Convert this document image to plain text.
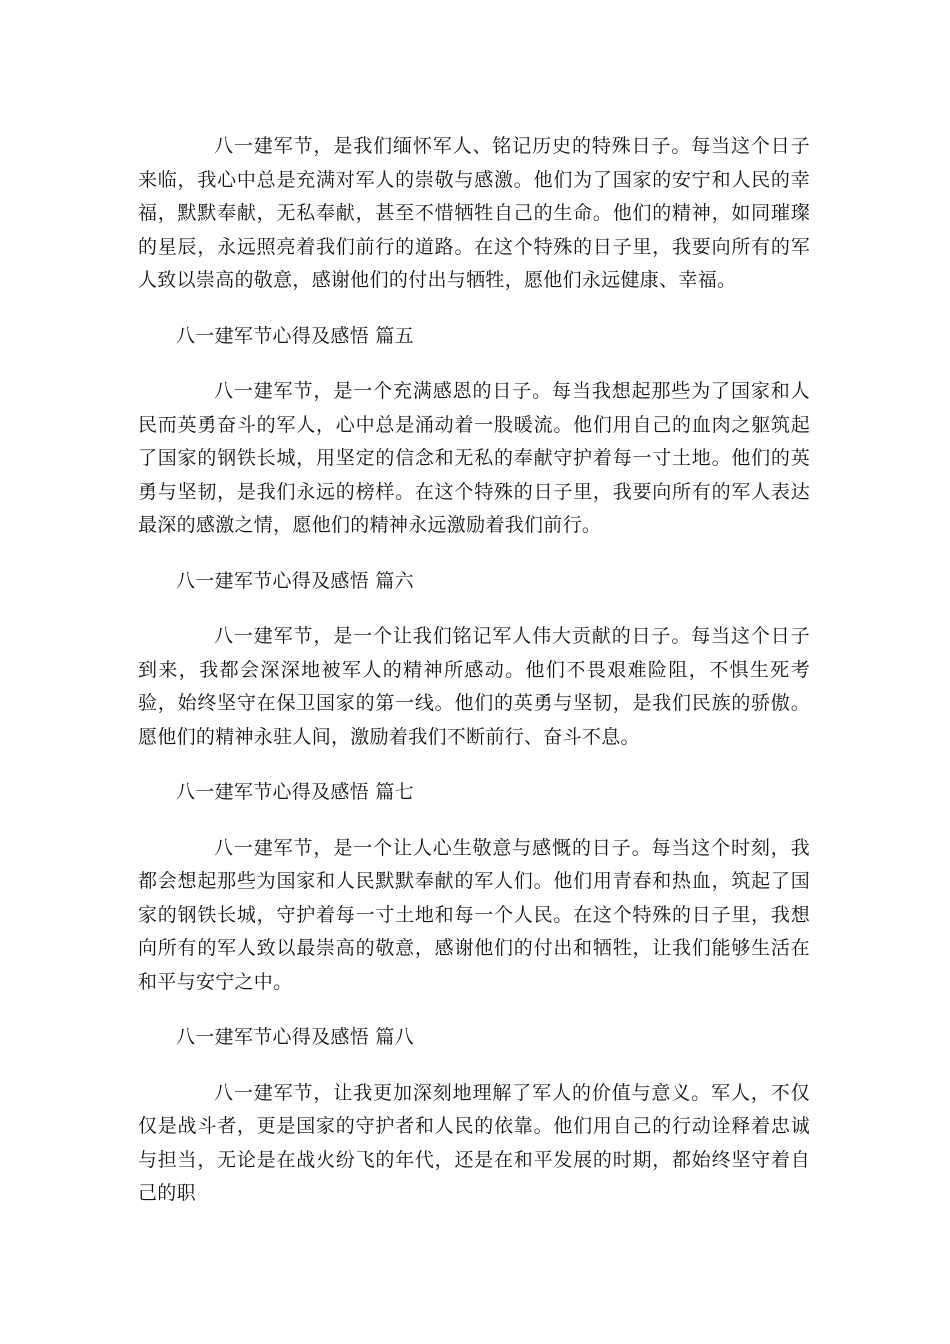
八一建军节，是我们缅怀军人、铭记历史的特殊日子。每当这个日子来临，我心中总是充满对军人的崇敬与感激。他们为了国家的安宁和人民的幸福，默默奉献，无私奉献，甚至不惜牺牲自己的生命。他们的精神，如同璀璨的星辰，永远照亮着我们前行的道路。在这个特殊的日子里，我要向所有的军人致以崇高的敬意，感谢他们的付出与牺牲，愿他们永远健康、幸福。

八一建军节心得及感悟 篇五

八一建军节，是一个充满感恩的日子。每当我想起那些为了国家和人民而英勇奋斗的军人，心中总是涌动着一股暖流。他们用自己的血肉之躯筑起了国家的钢铁长城，用坚定的信念和无私的奉献守护着每一寸土地。他们的英勇与坚韧，是我们永远的榜样。在这个特殊的日子里，我要向所有的军人表达最深的感激之情，愿他们的精神永远激励着我们前行。

八一建军节心得及感悟 篇六

八一建军节，是一个让我们铭记军人伟大贡献的日子。每当这个日子到来，我都会深深地被军人的精神所感动。他们不畏艰难险阻，不惧生死考验，始终坚守在保卫国家的第一线。他们的英勇与坚韧，是我们民族的骄傲。愿他们的精神永驻人间，激励着我们不断前行、奋斗不息。

八一建军节心得及感悟 篇七

八一建军节，是一个让人心生敬意与感慨的日子。每当这个时刻，我都会想起那些为国家和人民默默奉献的军人们。他们用青春和热血，筑起了国家的钢铁长城，守护着每一寸土地和每一个人民。在这个特殊的日子里，我想向所有的军人致以最崇高的敬意，感谢他们的付出和牺牲，让我们能够生活在和平与安宁之中。

八一建军节心得及感悟 篇八

八一建军节，让我更加深刻地理解了军人的价值与意义。军人，不仅仅是战斗者，更是国家的守护者和人民的依靠。他们用自己的行动诠释着忠诚与担当，无论是在战火纷飞的年代，还是在和平发展的时期，都始终坚守着自己的职
